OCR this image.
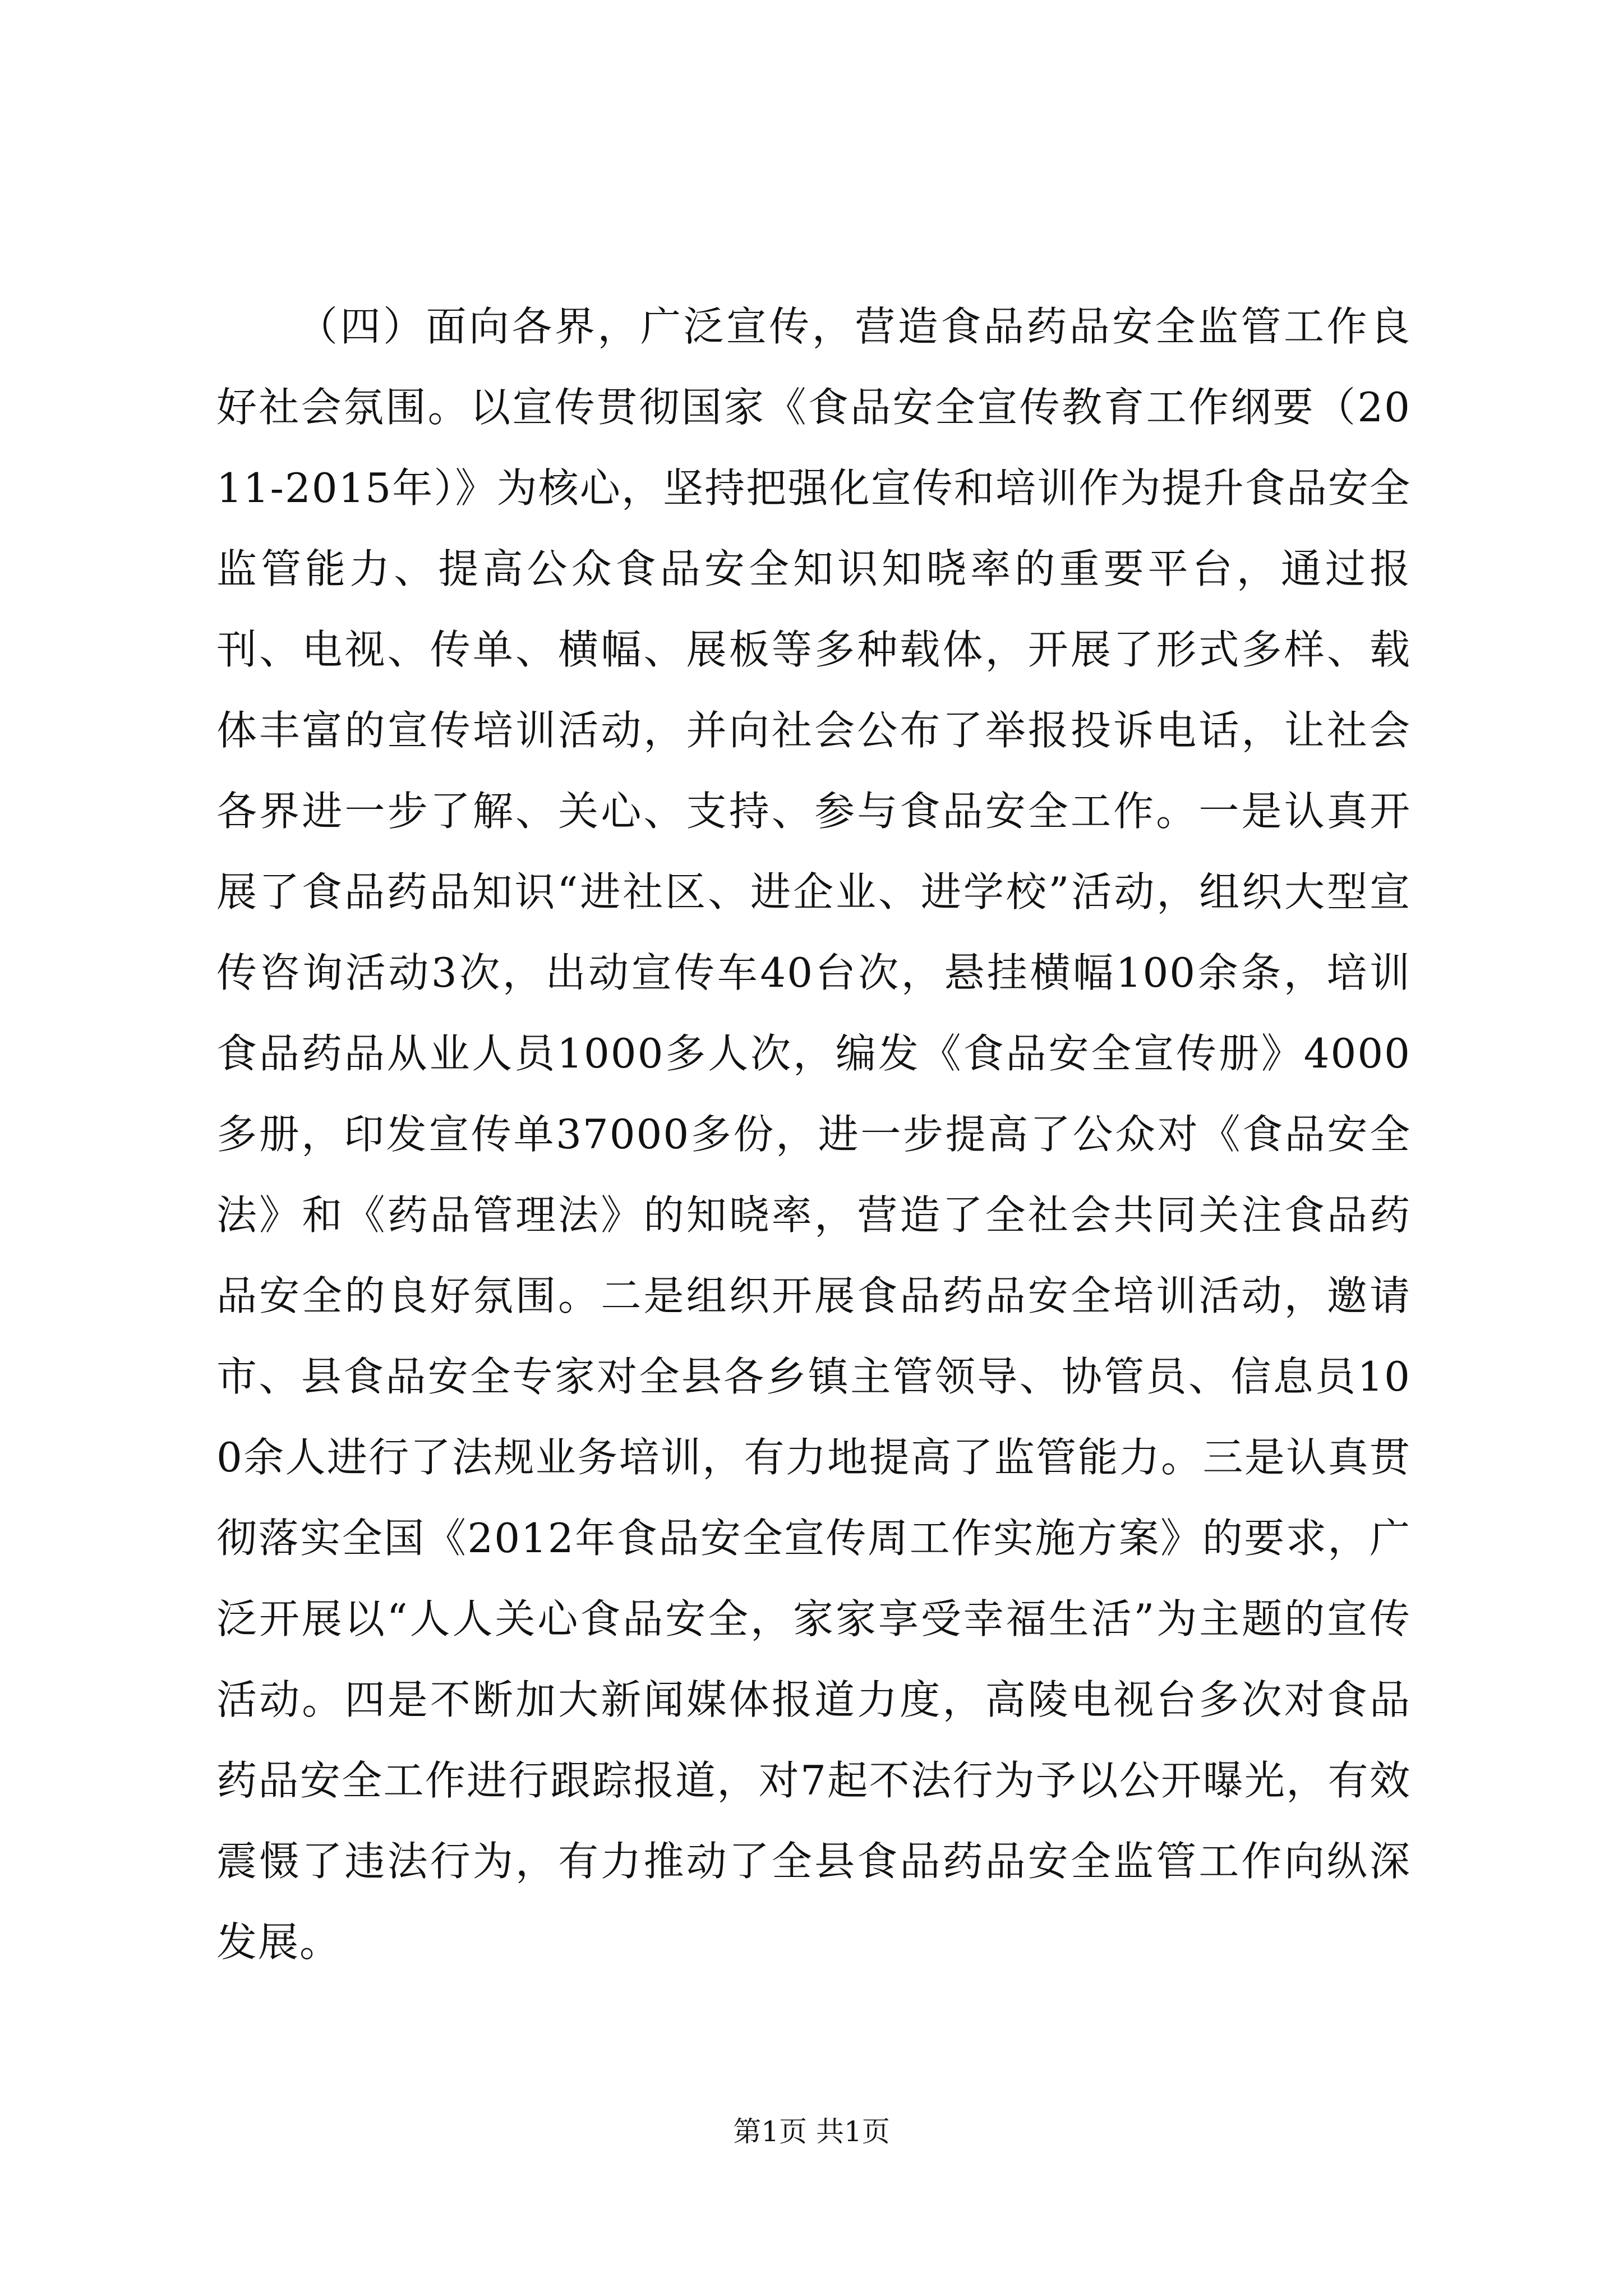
（四）面向各界，广泛宣传，营造食品药品安全监管工作良好社会氛围。以宣传贯彻国家《食品安全宣传教育工作纲要（2011-2015年）》为核心，坚持把强化宣传和培训作为提升食品安全监管能力、提高公众食品安全知识知晓率的重要平台，通过报刊、电视、传单、横幅、展板等多种载体，开展了形式多样、载体丰富的宣传培训活动，并向社会公布了举报投诉电话，让社会各界进一步了解、关心、支持、参与食品安全工作。一是认真开展了食品药品知识“进社区、进企业、进学校”活动，组织大型宣传咨询活动3次，出动宣传车40台次，悬挂横幅100余条，培训食品药品从业人员1000多人次，编发《食品安全宣传册》4000多册，印发宣传单37000多份，进一步提高了公众对《食品安全法》和《药品管理法》的知晓率，营造了全社会共同关注食品药品安全的良好氛围。二是组织开展食品药品安全培训活动，邀请市、县食品安全专家对全县各乡镇主管领导、协管员、信息员100余人进行了法规业务培训，有力地提高了监管能力。三是认真贯彻落实全国《2012年食品安全宣传周工作实施方案》的要求，广泛开展以“人人关心食品安全，家家享受幸福生活”为主题的宣传活动。四是不断加大新闻媒体报道力度，高陵电视台多次对食品药品安全工作进行跟踪报道，对7起不法行为予以公开曝光，有效震慑了违法行为，有力推动了全县食品药品安全监管工作向纵深发展。

第1页 共1页
